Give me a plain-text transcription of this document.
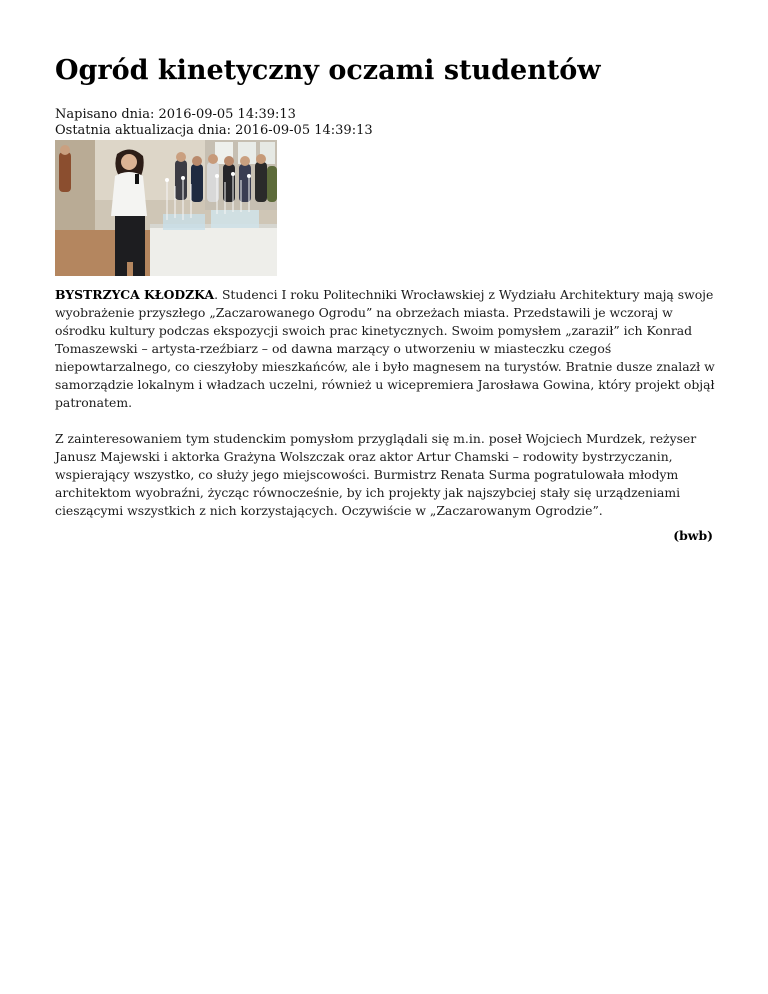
Ogród kinetyczny oczami studentów
Napisano dnia: 2016-09-05 14:39:13
Ostatnia aktualizacja dnia: 2016-09-05 14:39:13

BYSTRZYCA KŁODZKA. Studenci I roku Politechniki Wrocławskiej z Wydziału Architektury mają swoje wyobrażenie przyszłego „Zaczarowanego Ogrodu” na obrzeżach miasta. Przedstawili je wczoraj w ośrodku kultury podczas ekspozycji swoich prac kinetycznych. Swoim pomysłem „zaraził” ich Konrad Tomaszewski – artysta-rzeźbiarz – od dawna marzący o utworzeniu w miasteczku czegoś niepowtarzalnego, co cieszyłoby mieszkańców, ale i było magnesem na turystów. Bratnie dusze znalazł w samorządzie lokalnym i władzach uczelni, również u wicepremiera Jarosława Gowina, który projekt objął patronatem.

Z zainteresowaniem tym studenckim pomysłom przyglądali się m.in. poseł Wojciech Murdzek, reżyser Janusz Majewski i aktorka Grażyna Wolszczak oraz aktor Artur Chamski – rodowity bystrzyczanin, wspierający wszystko, co służy jego miejscowości. Burmistrz Renata Surma pogratulowała młodym architektom wyobraźni, życząc równocześnie, by ich projekty jak najszybciej stały się urządzeniami cieszącymi wszystkich z nich korzystających. Oczywiście w „Zaczarowanym Ogrodzie”.

(bwb)
